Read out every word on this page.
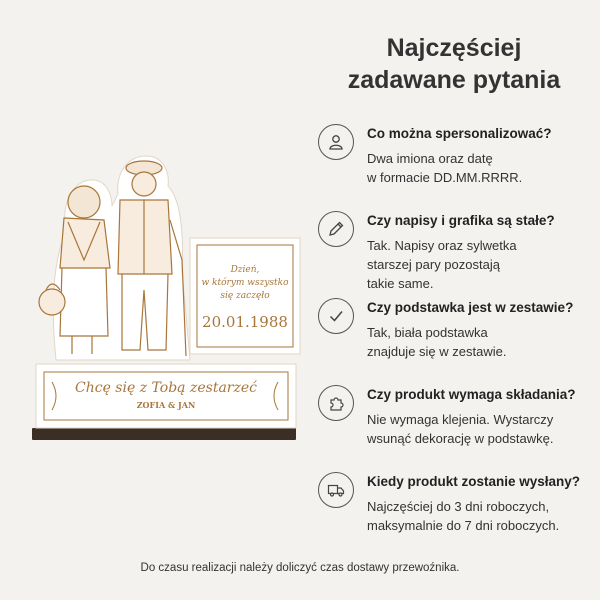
Dzień,
w którym wszystko
się zaczęło
20.01.1988
Chcę się z Tobą zestarzeć
ZOFIA & JAN
Najczęściej
zadawane pytania
Co można spersonalizować?
Dwa imiona oraz datę
w formacie DD.MM.RRRR.
Czy napisy i grafika są stałe?
Tak. Napisy oraz sylwetka
starszej pary pozostają
takie same.
Czy podstawka jest w zestawie?
Tak, biała podstawka
znajduje się w zestawie.
Czy produkt wymaga składania?
Nie wymaga klejenia. Wystarczy
wsunąć dekorację w podstawkę.
Kiedy produkt zostanie wysłany?
Najczęściej do 3 dni roboczych,
maksymalnie do 7 dni roboczych.
Do czasu realizacji należy doliczyć czas dostawy przewoźnika.
